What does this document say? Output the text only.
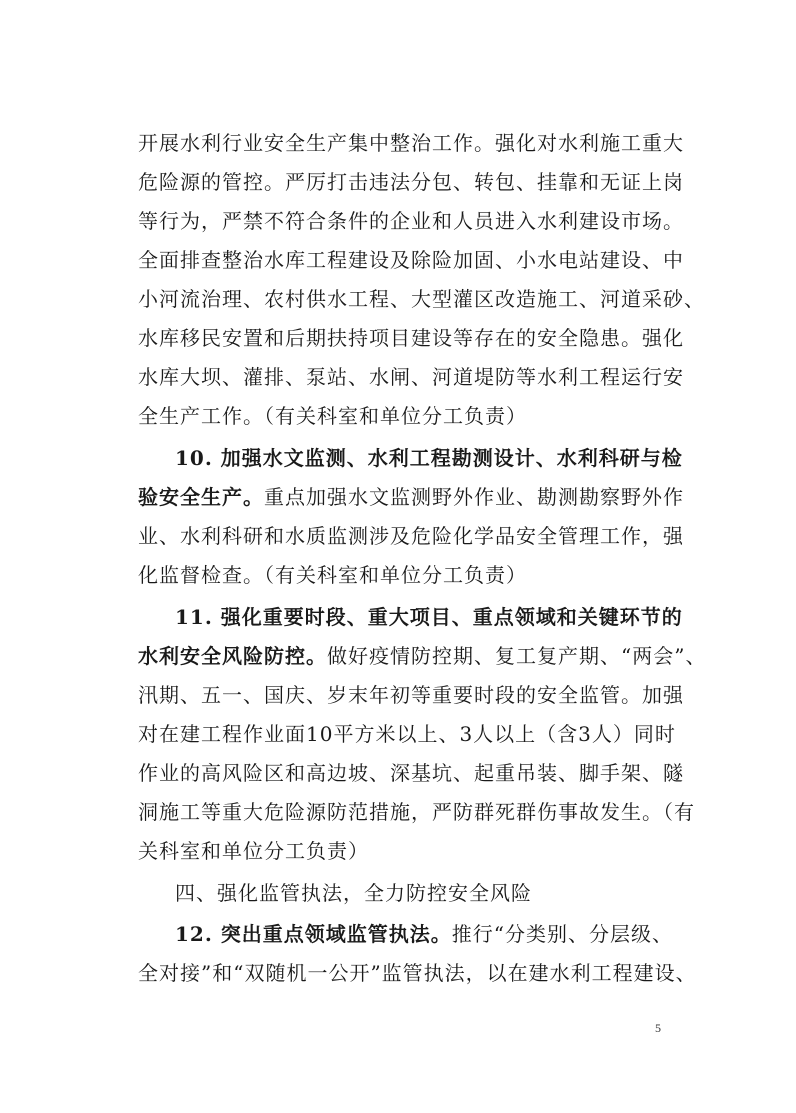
开展水利行业安全生产集中整治工作。强化对水利施工重大
危险源的管控。严厉打击违法分包、转包、挂靠和无证上岗
等行为，严禁不符合条件的企业和人员进入水利建设市场。
全面排查整治水库工程建设及除险加固、小水电站建设、中
小河流治理、农村供水工程、大型灌区改造施工、河道采砂、
水库移民安置和后期扶持项目建设等存在的安全隐患。强化
水库大坝、灌排、泵站、水闸、河道堤防等水利工程运行安
全生产工作。（有关科室和单位分工负责）
10. 加强水文监测、水利工程勘测设计、水利科研与检
验安全生产。重点加强水文监测野外作业、勘测勘察野外作
业、水利科研和水质监测涉及危险化学品安全管理工作，强
化监督检查。（有关科室和单位分工负责）
11. 强化重要时段、重大项目、重点领域和关键环节的
水利安全风险防控。做好疫情防控期、复工复产期、“两会”、
汛期、五一、国庆、岁末年初等重要时段的安全监管。加强
对在建工程作业面10平方米以上、3人以上（含3人）同时
作业的高风险区和高边坡、深基坑、起重吊装、脚手架、隧
洞施工等重大危险源防范措施，严防群死群伤事故发生。（有
关科室和单位分工负责）
四、强化监管执法，全力防控安全风险
12. 突出重点领域监管执法。推行“分类别、分层级、
全对接”和“双随机一公开”监管执法，以在建水利工程建设、
5
